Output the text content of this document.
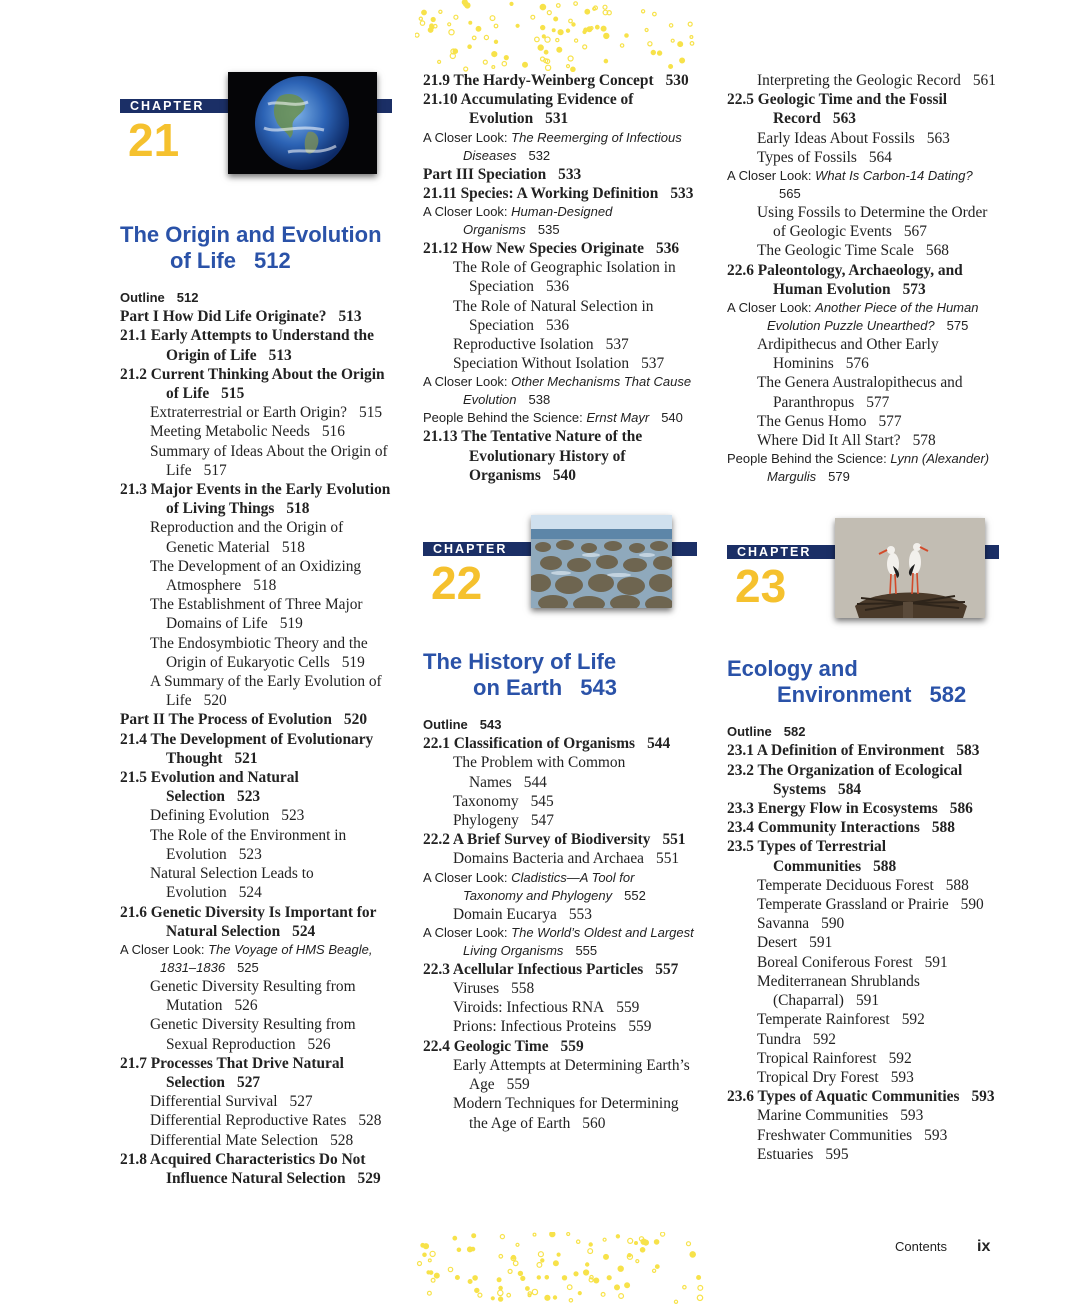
CHAPTER
21
The Origin and Evolution
of Life 512
Outline 512
Part I How Did Life Originate? 513
21.1 Early Attempts to Understand the Origin of Life 513
21.2 Current Thinking About the Origin of Life 515
Extraterrestrial or Earth Origin? 515
Meeting Metabolic Needs 516
Summary of Ideas About the Origin of Life 517
21.3 Major Events in the Early Evolution of Living Things 518
Reproduction and the Origin of Genetic Material 518
The Development of an Oxidizing Atmosphere 518
The Establishment of Three Major Domains of Life 519
The Endosymbiotic Theory and the Origin of Eukaryotic Cells 519
A Summary of the Early Evolution of Life 520
Part II The Process of Evolution 520
21.4 The Development of Evolutionary Thought 521
21.5 Evolution and Natural Selection 523
Defining Evolution 523
The Role of the Environment in Evolution 523
Natural Selection Leads to Evolution 524
21.6 Genetic Diversity Is Important for Natural Selection 524
A Closer Look: The Voyage of HMS Beagle, 1831–1836 525
Genetic Diversity Resulting from Mutation 526
Genetic Diversity Resulting from Sexual Reproduction 526
21.7 Processes That Drive Natural Selection 527
Differential Survival 527
Differential Reproductive Rates 528
Differential Mate Selection 528
21.8 Acquired Characteristics Do Not Influence Natural Selection 529
21.9 The Hardy-Weinberg Concept 530
21.10 Accumulating Evidence of Evolution 531
A Closer Look: The Reemerging of Infectious Diseases 532
Part III Speciation 533
21.11 Species: A Working Definition 533
A Closer Look: Human-Designed Organisms 535
21.12 How New Species Originate 536
The Role of Geographic Isolation in Speciation 536
The Role of Natural Selection in Speciation 536
Reproductive Isolation 537
Speciation Without Isolation 537
A Closer Look: Other Mechanisms That Cause Evolution 538
People Behind the Science: Ernst Mayr 540
21.13 The Tentative Nature of the Evolutionary History of Organisms 540
CHAPTER
22
The History of Life
on Earth 543
Outline 543
22.1 Classification of Organisms 544
The Problem with Common Names 544
Taxonomy 545
Phylogeny 547
22.2 A Brief Survey of Biodiversity 551
Domains Bacteria and Archaea 551
A Closer Look: Cladistics—A Tool for Taxonomy and Phylogeny 552
Domain Eucarya 553
A Closer Look: The World’s Oldest and Largest Living Organisms 555
22.3 Acellular Infectious Particles 557
Viruses 558
Viroids: Infectious RNA 559
Prions: Infectious Proteins 559
22.4 Geologic Time 559
Early Attempts at Determining Earth’s Age 559
Modern Techniques for Determining the Age of Earth 560
Interpreting the Geologic Record 561
22.5 Geologic Time and the Fossil Record 563
Early Ideas About Fossils 563
Types of Fossils 564
A Closer Look: What Is Carbon-14 Dating?565
Using Fossils to Determine the Order of Geologic Events 567
The Geologic Time Scale 568
22.6 Paleontology, Archaeology, and Human Evolution 573
A Closer Look: Another Piece of the Human Evolution Puzzle Unearthed? 575
Ardipithecus and Other Early Hominins 576
The Genera Australopithecus and Paranthropus 577
The Genus Homo 577
Where Did It All Start? 578
People Behind the Science: Lynn (Alexander) Margulis 579
CHAPTER
23
Ecology and
Environment 582
Outline 582
23.1 A Definition of Environment 583
23.2 The Organization of Ecological Systems 584
23.3 Energy Flow in Ecosystems 586
23.4 Community Interactions 588
23.5 Types of Terrestrial Communities 588
Temperate Deciduous Forest 588
Temperate Grassland or Prairie 590
Savanna 590
Desert 591
Boreal Coniferous Forest 591
Mediterranean Shrublands (Chaparral) 591
Temperate Rainforest 592
Tundra 592
Tropical Rainforest 592
Tropical Dry Forest 593
23.6 Types of Aquatic Communities 593
Marine Communities 593
Freshwater Communities 593
Estuaries 595
Contents ix
